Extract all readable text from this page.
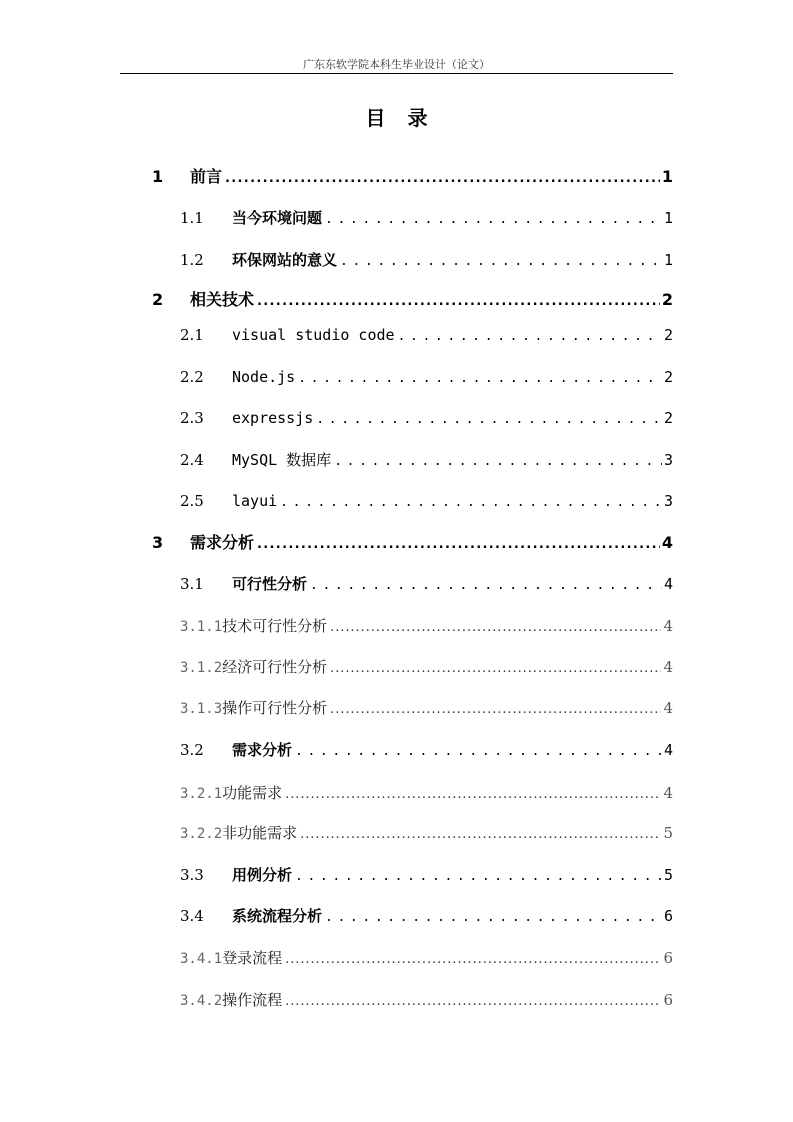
广东东软学院本科生毕业设计（论文）
目录
1	前言 . . .	1
1.1	当今环境问题 . . .	1
1.2	环保网站的意义 . . .	1
2	相关技术 . . .	2
2.1	visual studio code . . .	2
2.2	Node.js . . .	2
2.3	expressjs . . .	2
2.4	MySQL 数据库 . . .	3
2.5	layui . . .	3
3	需求分析 . . .	4
3.1	可行性分析 . . .	4
3.1.1 技术可行性分析 . . .	4
3.1.2 经济可行性分析 . . .	4
3.1.3 操作可行性分析 . . .	4
3.2	需求分析 . . .	4
3.2.1 功能需求 . . .	4
3.2.2 非功能需求 . . .	5
3.3	用例分析 . . .	5
3.4	系统流程分析 . . .	6
3.4.1 登录流程 . . .	6
3.4.2 操作流程 . . .	6
